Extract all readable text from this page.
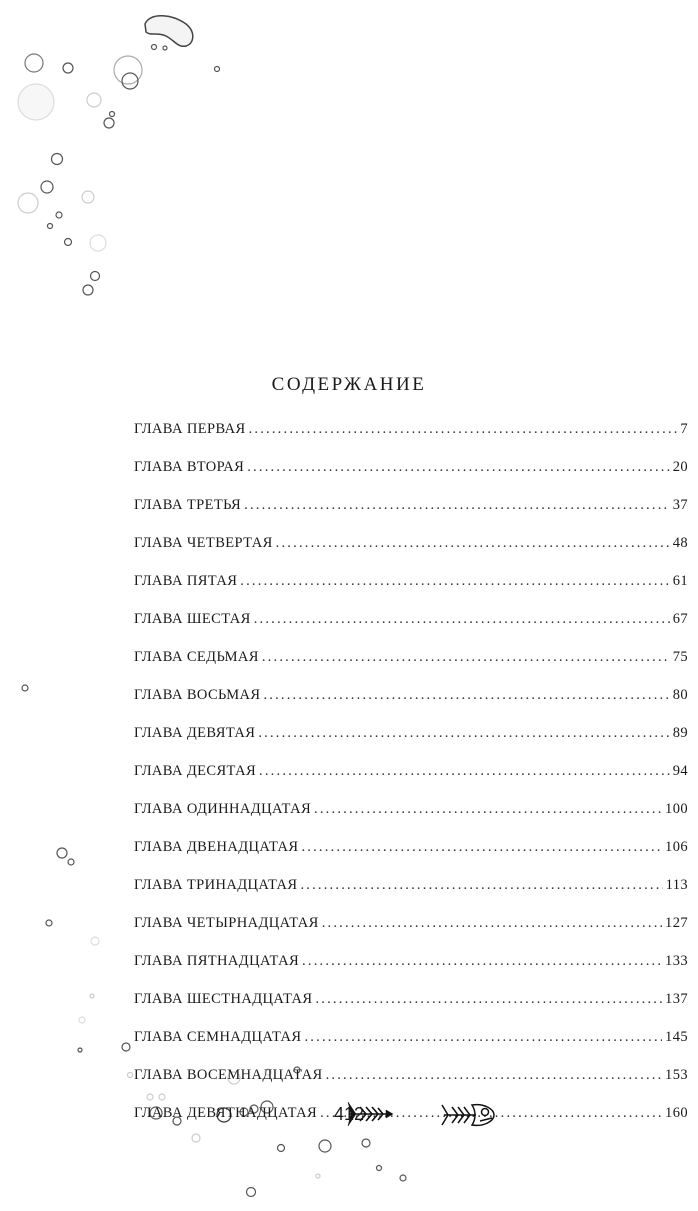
СОДЕРЖАНИЕ
ГЛАВА ПЕРВАЯ .....	7
ГЛАВА ВТОРАЯ .....	20
ГЛАВА ТРЕТЬЯ .....	37
ГЛАВА ЧЕТВЕРТАЯ .....	48
ГЛАВА ПЯТАЯ .....	61
ГЛАВА ШЕСТАЯ .....	67
ГЛАВА СЕДЬМАЯ .....	75
ГЛАВА ВОСЬМАЯ .....	80
ГЛАВА ДЕВЯТАЯ .....	89
ГЛАВА ДЕСЯТАЯ .....	94
ГЛАВА ОДИННАДЦАТАЯ .....	100
ГЛАВА ДВЕНАДЦАТАЯ .....	106
ГЛАВА ТРИНАДЦАТАЯ .....	113
ГЛАВА ЧЕТЫРНАДЦАТАЯ .....	127
ГЛАВА ПЯТНАДЦАТАЯ .....	133
ГЛАВА ШЕСТНАДЦАТАЯ .....	137
ГЛАВА СЕМНАДЦАТАЯ .....	145
ГЛАВА ВОСЕМНАДЦАТАЯ .....	153
ГЛАВА ДЕВЯТНАДЦАТАЯ .....	160
412
